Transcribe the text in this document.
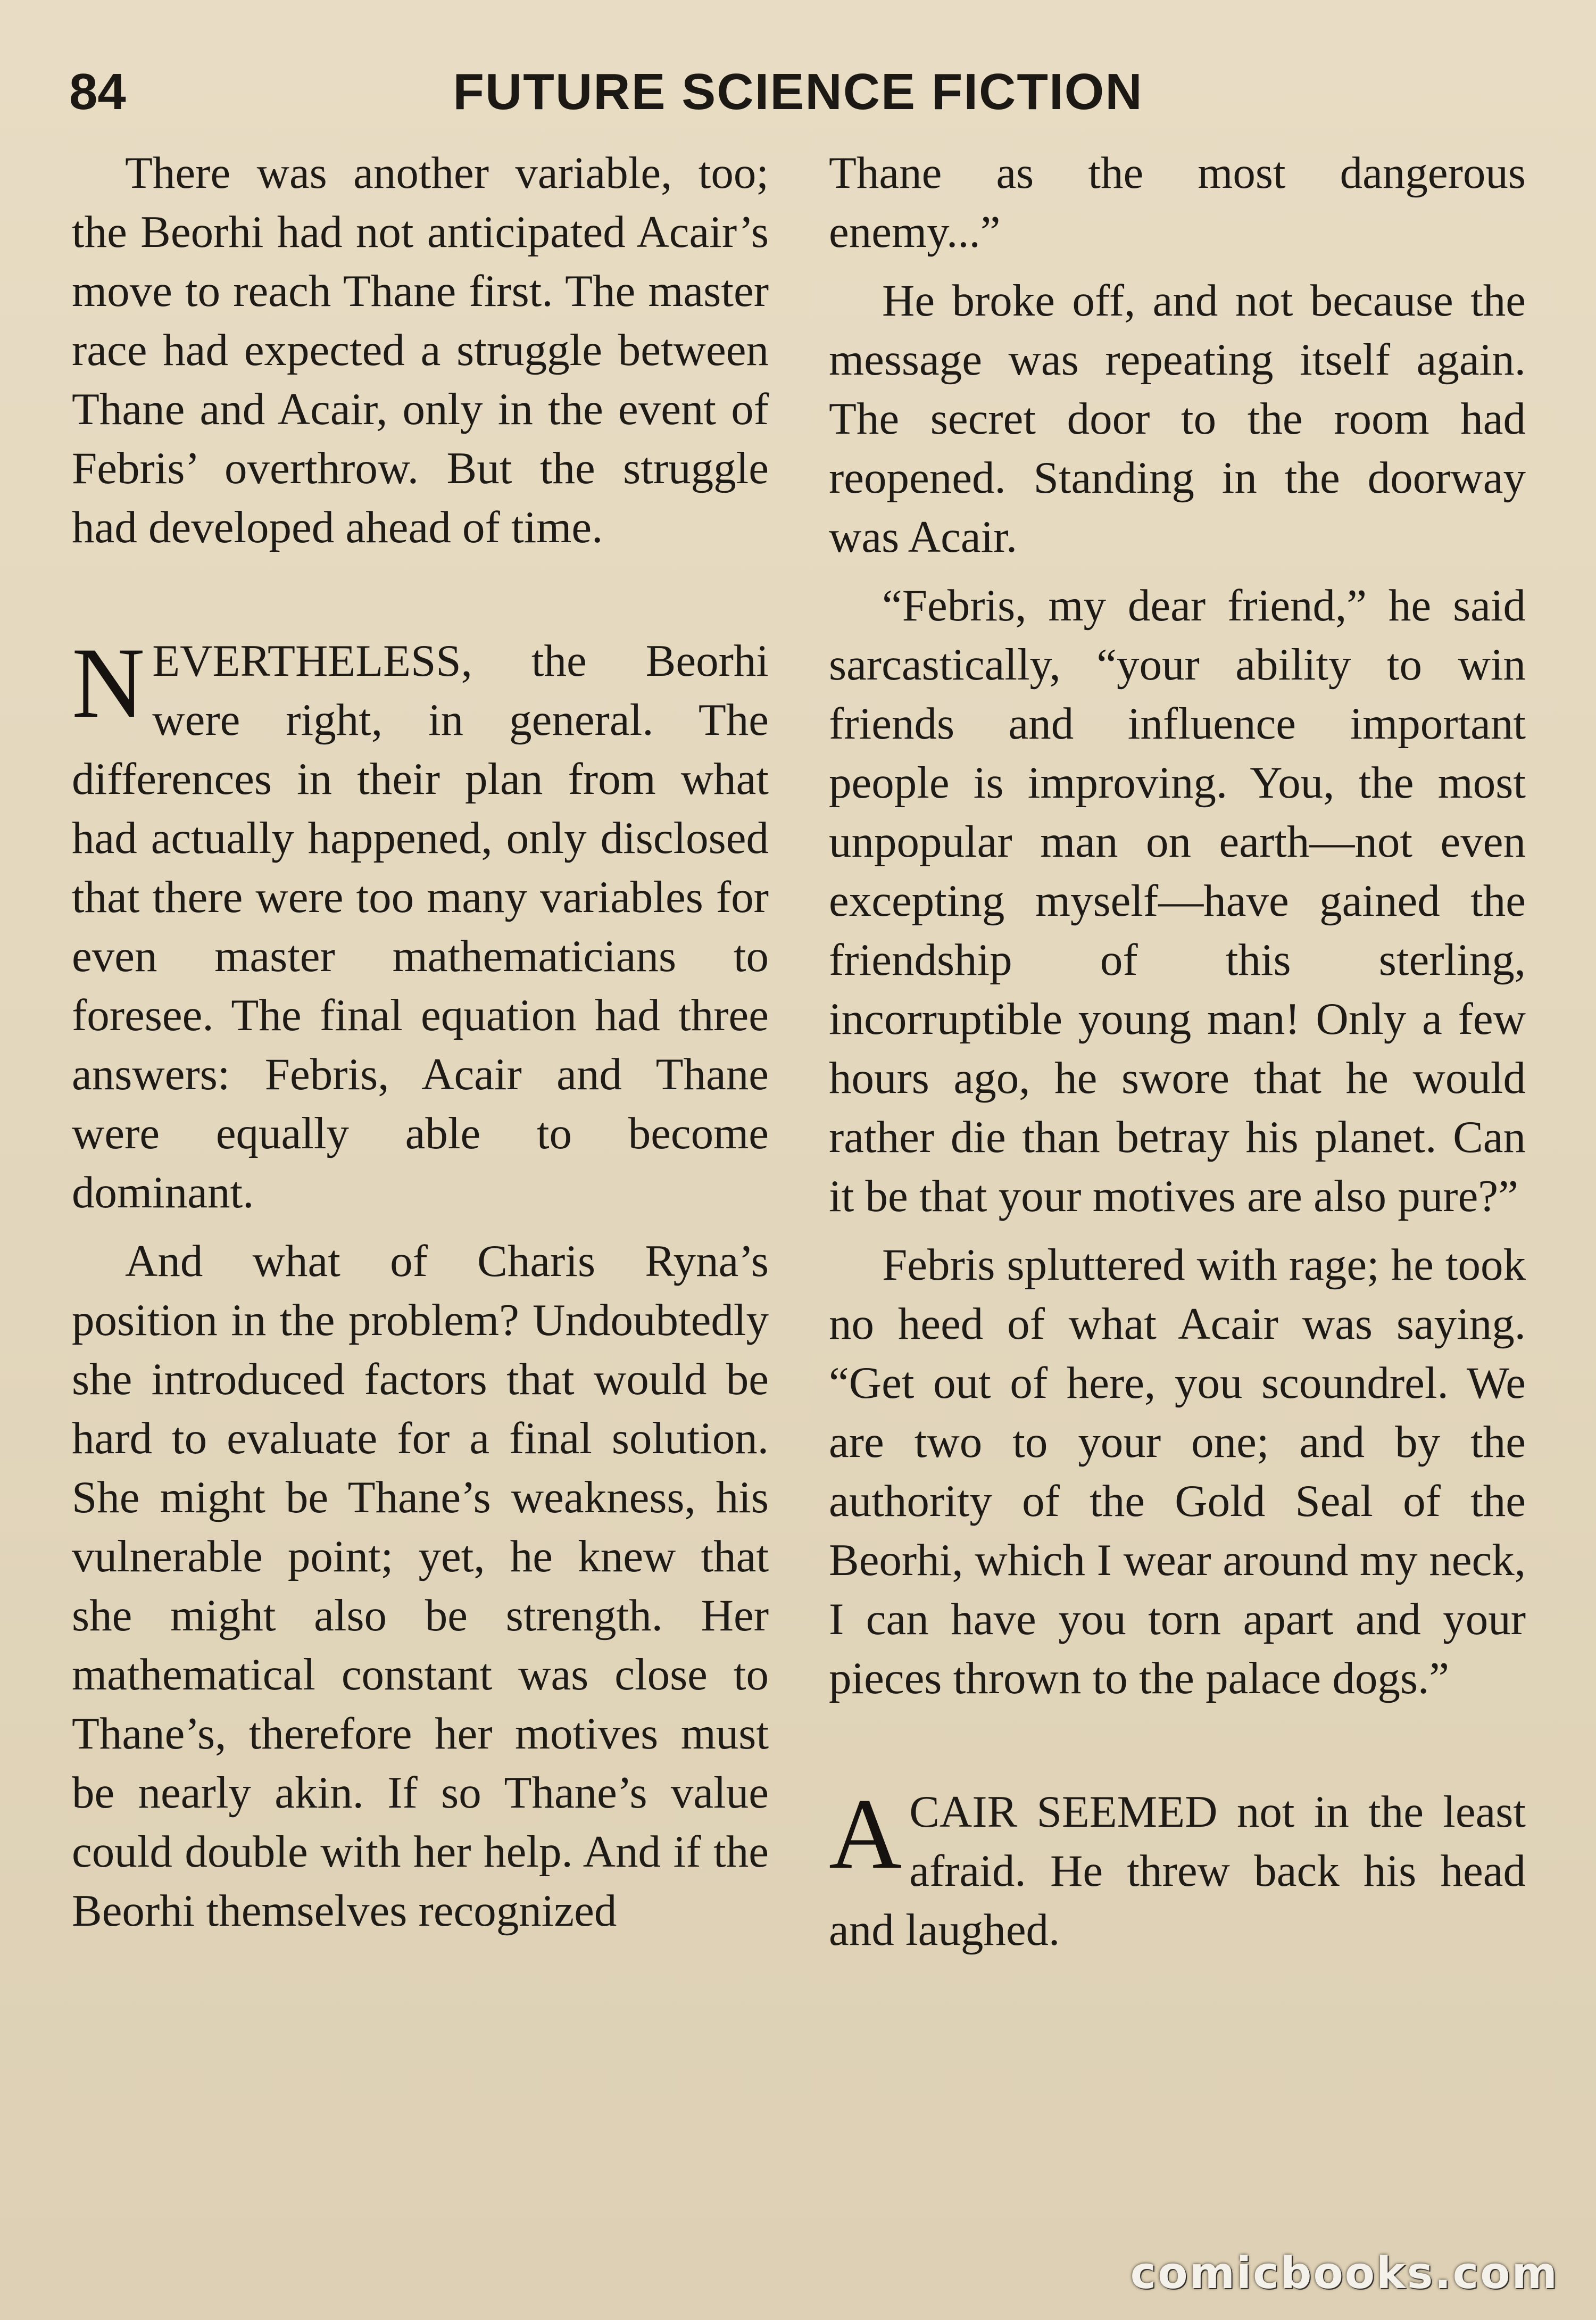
84	FUTURE SCIENCE FICTION

There was another variable, too; the Beorhi had not anticipated Acair’s move to reach Thane first. The master race had expected a struggle between Thane and Acair, only in the event of Febris’ overthrow. But the struggle had developed ahead of time.

NEVERTHELESS, the Beorhi were right, in general. The differences in their plan from what had actually happened, only disclosed that there were too many variables for even master mathematicians to foresee. The final equation had three answers: Febris, Acair and Thane were equally able to become dominant.

And what of Charis Ryna’s position in the problem? Undoubtedly she introduced factors that would be hard to evaluate for a final solution. She might be Thane’s weakness, his vulnerable point; yet, he knew that she might also be strength. Her mathematical constant was close to Thane’s, therefore her motives must be nearly akin. If so Thane’s value could double with her help. And if the Beorhi themselves recognized

Thane as the most dangerous enemy...”

He broke off, and not because the message was repeating itself again. The secret door to the room had reopened. Standing in the doorway was Acair.

“Febris, my dear friend,” he said sarcastically, “your ability to win friends and influence important people is improving. You, the most unpopular man on earth—not even excepting myself—have gained the friendship of this sterling, incorruptible young man! Only a few hours ago, he swore that he would rather die than betray his planet. Can it be that your motives are also pure?”

Febris spluttered with rage; he took no heed of what Acair was saying. “Get out of here, you scoundrel. We are two to your one; and by the authority of the Gold Seal of the Beorhi, which I wear around my neck, I can have you torn apart and your pieces thrown to the palace dogs.”

ACAIR SEEMED not in the least afraid. He threw back his head and laughed.

comicbooks.com
